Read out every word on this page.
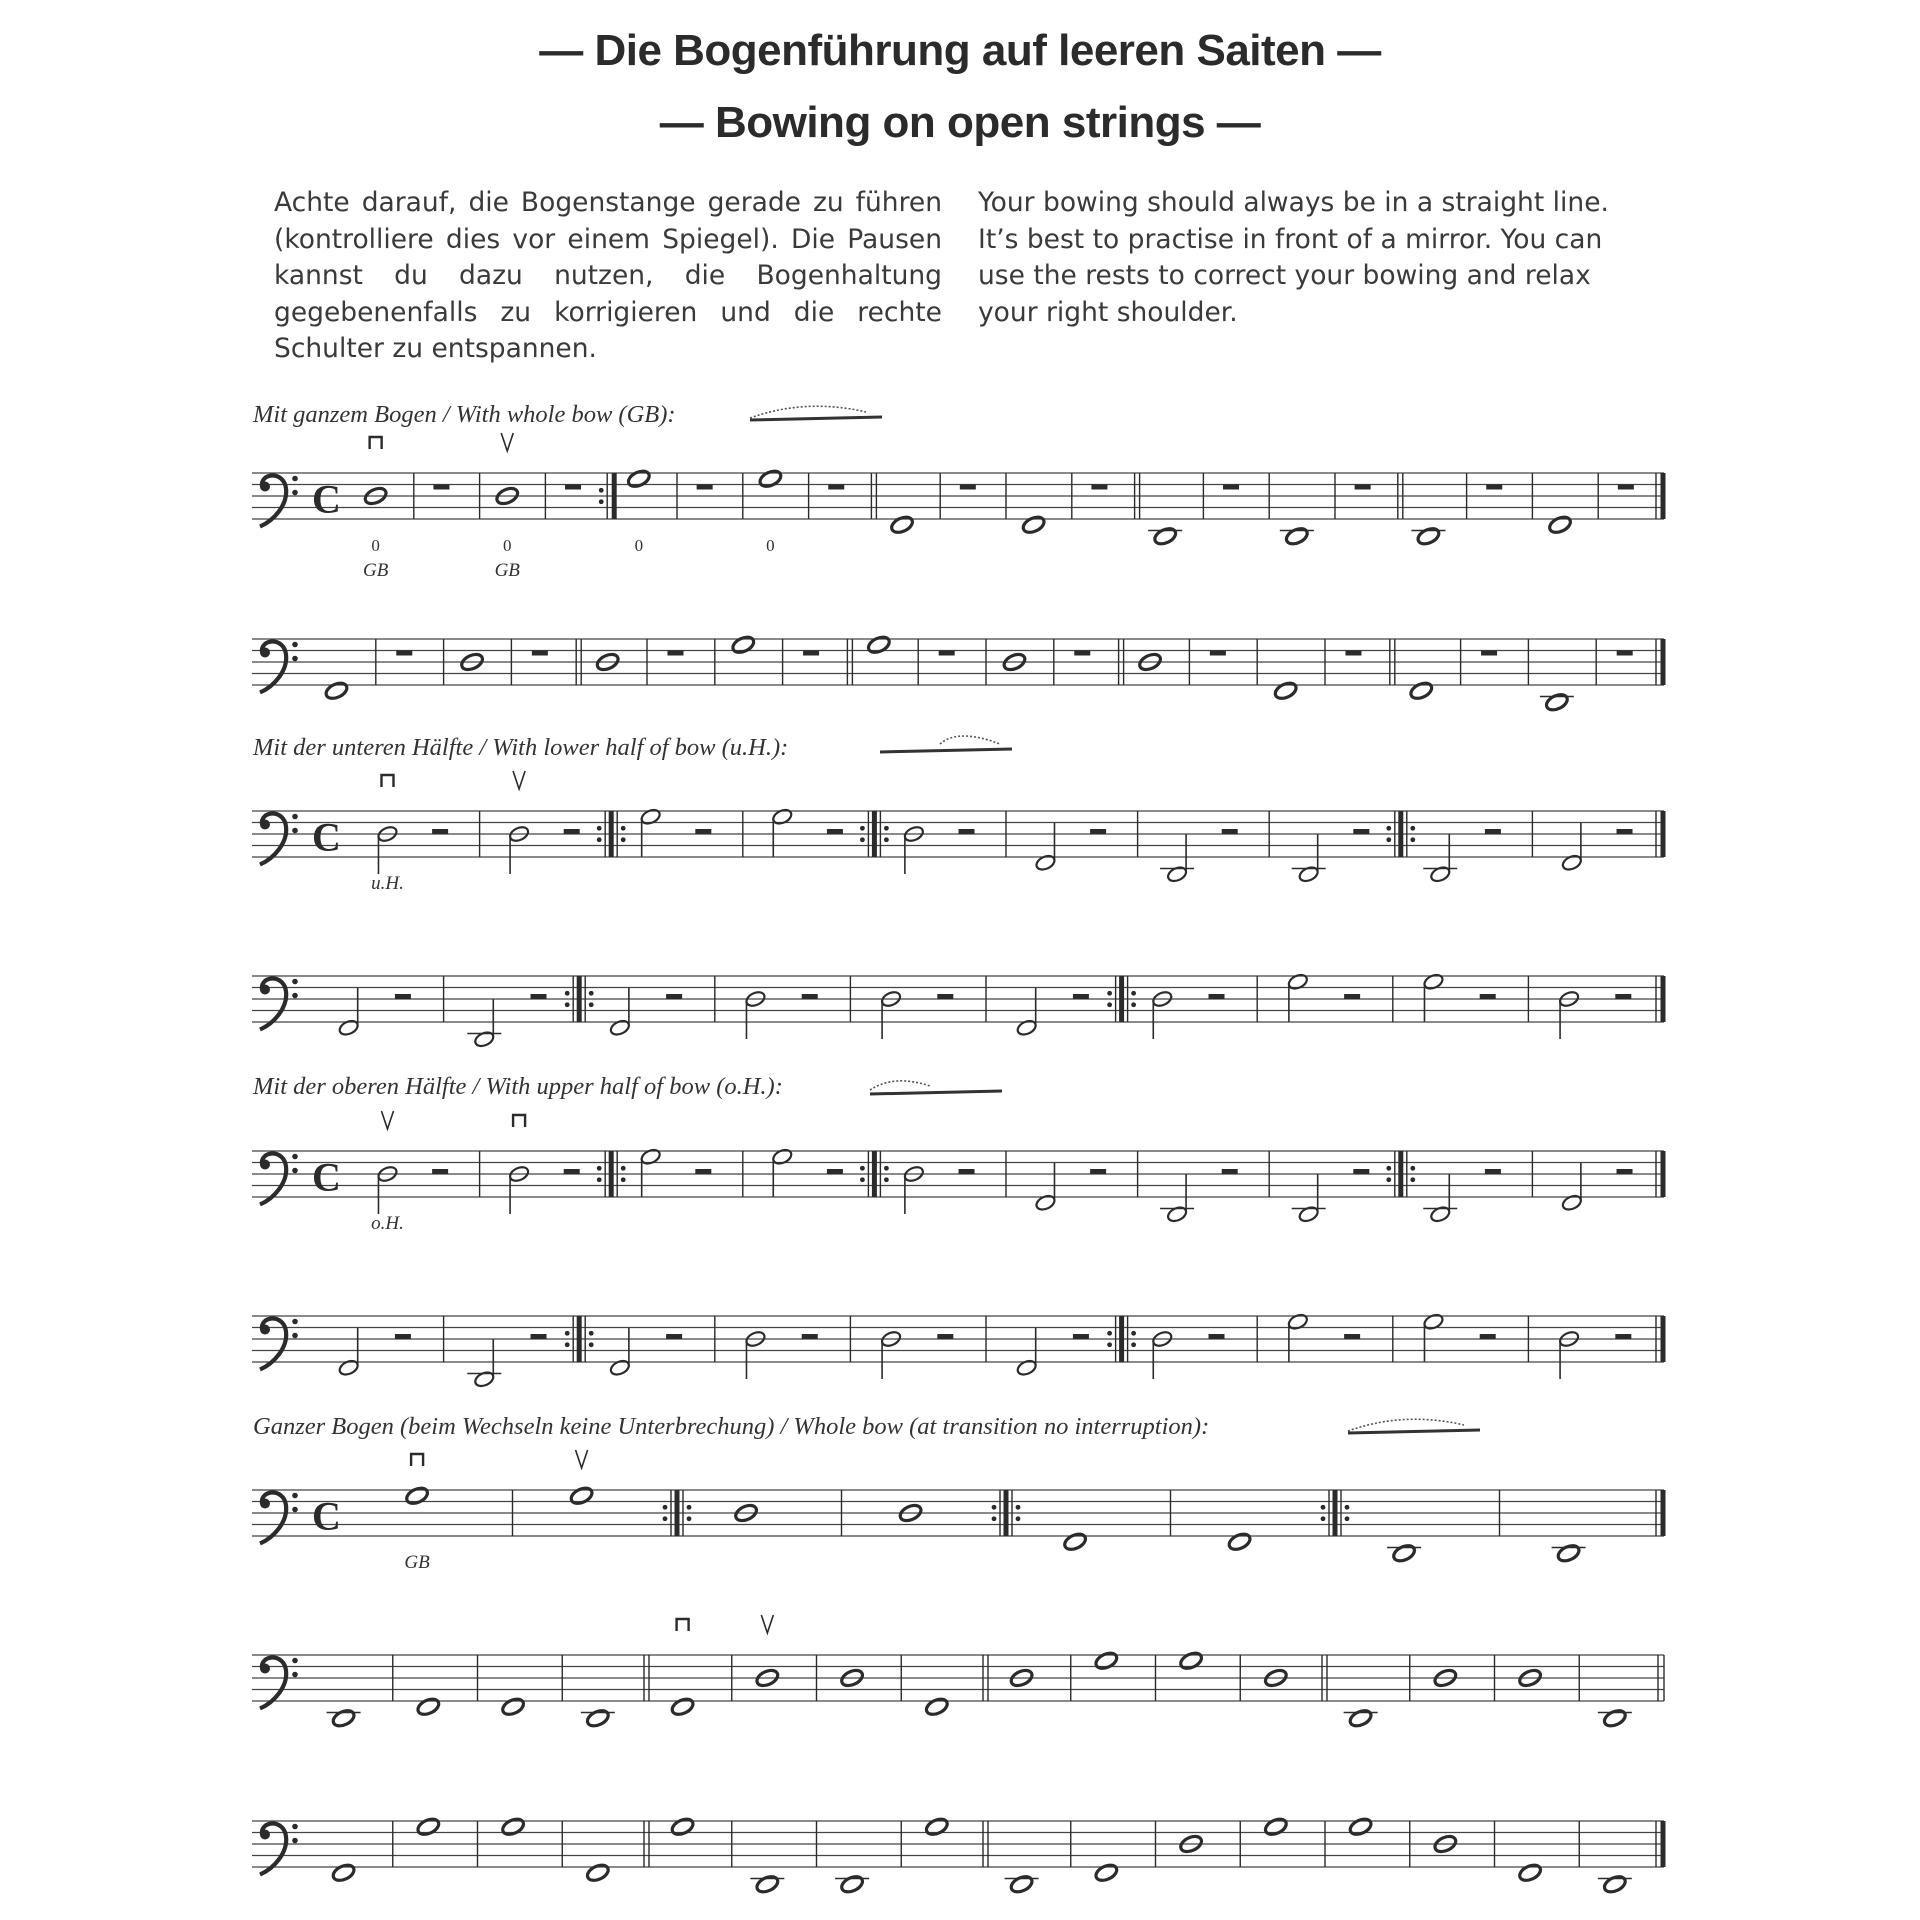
— Die Bogenführung auf leeren Saiten —
— Bowing on open strings —
Achte darauf, die Bogenstange gerade zu führen (kontrolliere dies vor einem Spiegel). Die Pausen kannst du dazu nutzen, die Bogenhaltung gegebenenfalls zu korrigieren und die rechte Schulter zu entspannen.
Your bowing should always be in a straight line. It’s best to practise in front of a mirror. You can use the rests to correct your bowing and relax your right shoulder.
Mit ganzem Bogen / With whole bow (GB):
Mit der unteren Hälfte / With lower half of bow (u.H.):
Mit der oberen Hälfte / With upper half of bow (o.H.):
Ganzer Bogen (beim Wechseln keine Unterbrechung) / Whole bow (at transition no interruption):
C
0
GB
0
GB
0	0
C
u.H.
C
o.H.
C
GB
